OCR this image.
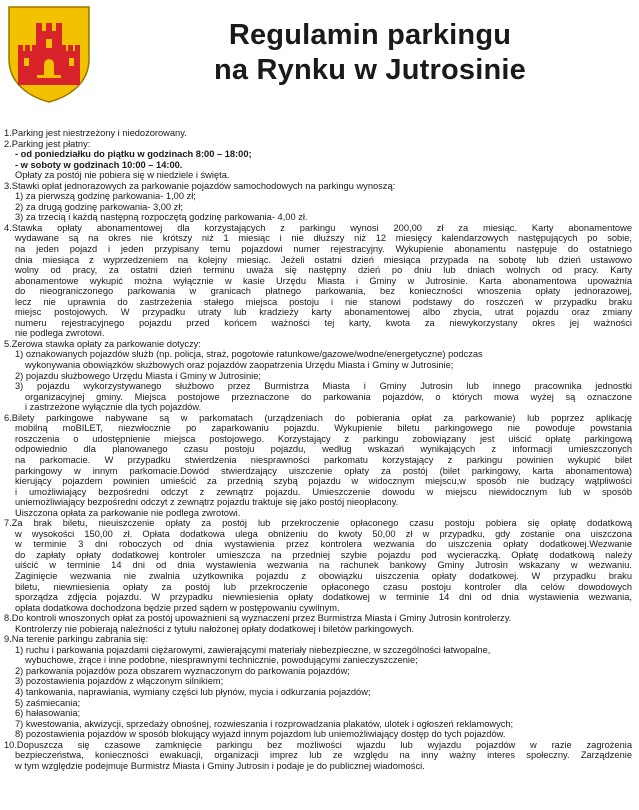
Regulamin parkingu
na Rynku w Jutrosinie
1.Parking jest niestrzeżony i niedozorowany.
2.Parking jest płatny:
- od poniedziałku do piątku w godzinach 8:00 – 18:00;
- w soboty w godzinach 10:00 – 14:00.
Opłaty za postój nie pobiera się w niedziele i święta.
3.Stawki opłat jednorazowych za parkowanie pojazdów samochodowych na parkingu wynoszą:
1) za pierwszą godzinę parkowania- 1,00 zł;
2) za drugą godzinę parkowania- 3,00 zł;
3) za trzecią i każdą następną rozpoczętą godzinę parkowania- 4,00 zł.
4.Stawka opłaty abonamentowej dla korzystających z parkingu wynosi 200,00 zł za miesiąc. Karty abonamentowe
wydawane są na okres nie krótszy niż 1 miesiąc i nie dłuższy niż 12 miesięcy kalendarzowych następujących po sobie,
na jeden pojazd i jeden przypisany temu pojazdowi numer rejestracyjny. Wykupienie abonamentu następuje do ostatniego
dnia miesiąca z wyprzedzeniem na kolejny miesiąc. Jeżeli ostatni dzień miesiąca przypada na sobotę lub dzień ustawowo
wolny od pracy, za ostatni dzień terminu uważa się następny dzień po dniu lub dniach wolnych od pracy. Karty
abonamentowe wykupić można wyłącznie w kasie Urzędu Miasta i Gminy w Jutrosinie. Karta abonamentowa upoważnia
do nieograniczonego parkowania w granicach płatnego parkowania, bez konieczności wnoszenia opłaty jednorazowej,
lecz nie uprawnia do zastrzeżenia stałego miejsca postoju i nie stanowi podstawy do roszczeń w przypadku braku
miejsc postojowych. W przypadku utraty lub kradzieży karty abonamentowej albo zbycia, utrat pojazdu oraz zmiany
numeru rejestracyjnego pojazdu przed końcem ważności tej karty, kwota za niewykorzystany okres jej ważności
nie podlega zwrotowi.
5.Zerowa stawka opłaty za parkowanie dotyczy:
1) oznakowanych pojazdów służb (np. policja, straż, pogotowie ratunkowe/gazowe/wodne/energetyczne) podczas
wykonywania obowiązków służbowych oraz pojazdów zaopatrzenia Urzędu Miasta i Gminy w Jutrosinie;
2) pojazdu służbowego Urzędu Miasta i Gminy w Jutrosinie;
3) pojazdu wykorzystywanego służbowo przez Burmistrza Miasta i Gminy Jutrosin lub innego pracownika jednostki
organizacyjnej gminy. Miejsca postojowe przeznaczone do parkowania pojazdów, o których mowa wyżej są oznaczone
i zastrzeżone wyłącznie dla tych pojazdów.
6.Bilety parkingowe nabywane są w parkomatach (urządzeniach do pobierania opłat za parkowanie) lub poprzez aplikację
mobilną moBILET, niezwłocznie po zaparkowaniu pojazdu. Wykupienie biletu parkingowego nie powoduje powstania
roszczenia o udostępnienie miejsca postojowego. Korzystający z parkingu zobowiązany jest uiścić opłatę parkingową
odpowiednio dla planowanego czasu postoju pojazdu, według wskazań wynikających z informacji umieszczonych
na parkomacie. W przypadku stwierdzenia niesprawności parkomatu korzystający z parkingu powinien wykupić bilet
parkingowy w innym parkomacie.Dowód stwierdzający uiszczenie opłaty za postój (bilet parkingowy, karta abonamentowa)
kierujący pojazdem powinien umieścić za przednią szybą pojazdu w widocznym miejscu,w sposób nie budzący wątpliwości
i umożliwiający bezpośredni odczyt z zewnątrz pojazdu. Umieszczenie dowodu w miejscu niewidocznym lub w sposób
uniemożliwiający bezpośredni odczyt z zewnątrz pojazdu traktuje się jako postój nieopłacony.
Uiszczona opłata za parkowanie nie podlega zwrotowi.
7.Za brak biletu, nieuiszczenie opłaty za postój lub przekroczenie opłaconego czasu postoju pobiera się opłatę dodatkową
w wysokości 150,00 zł. Opłata dodatkowa ulega obniżeniu do kwoty 50,00 zł w przypadku, gdy zostanie ona uiszczona
w terminie 3 dni roboczych od dnia wystawienia przez kontrolera wezwania do uiszczenia opłaty dodatkowej.Wezwanie
do zapłaty opłaty dodatkowej kontroler umieszcza na przedniej szybie pojazdu pod wycieraczką. Opłatę dodatkową należy
uiścić w terminie 14 dni od dnia wystawienia wezwania na rachunek bankowy Gminy Jutrosin wskazany w wezwaniu.
Zaginięcie wezwania nie zwalnia użytkownika pojazdu z obowiązku uiszczenia opłaty dodatkowej. W przypadku braku
biletu, niewniesienia opłaty za postój lub przekroczenie opłaconego czasu postoju kontroler dla celów dowodowych
sporządza zdjęcia pojazdu. W przypadku niewniesienia opłaty dodatkowej w terminie 14 dni od dnia wystawienia wezwania,
opłata dodatkowa dochodzona będzie przed sądem w postępowaniu cywilnym.
8.Do kontroli wnoszonych opłat za postój upoważnieni są wyznaczeni przez Burmistrza Miasta i Gminy Jutrosin kontrolerzy.
Kontrolerzy nie pobierają należności z tytułu nałożonej opłaty dodatkowej i biletów parkingowych.
9.Na terenie parkingu zabrania się:
1) ruchu i parkowania pojazdami ciężarowymi, zawierającymi materiały niebezpieczne, w szczególności łatwopalne,
wybuchowe, żrące i inne podobne, niesprawnymi technicznie, powodującymi zanieczyszczenie;
2) parkowania pojazdów poza obszarem wyznaczonym do parkowania pojazdów;
3) pozostawienia pojazdów z włączonym silnikiem;
4) tankowania, naprawiania, wymiany części lub płynów, mycia i odkurzania pojazdów;
5) zaśmiecania;
6) hałasowania;
7) kwestowania, akwizycji, sprzedaży obnośnej, rozwieszania i rozprowadzania plakatów, ulotek i ogłoszeń reklamowych;
8) pozostawienia pojazdów w sposób blokujący wyjazd innym pojazdom lub uniemożliwiający dostęp do tych pojazdów.
10.Dopuszcza się czasowe zamknięcie parkingu bez możliwości wjazdu lub wyjazdu pojazdów w razie zagrożenia
bezpieczeństwa, konieczności ewakuacji, organizacji imprez lub ze względu na inny ważny interes społeczny. Zarządzenie
w tym względzie podejmuje Burmistrz Miasta i Gminy Jutrosin i podaje je do publicznej wiadomości.
